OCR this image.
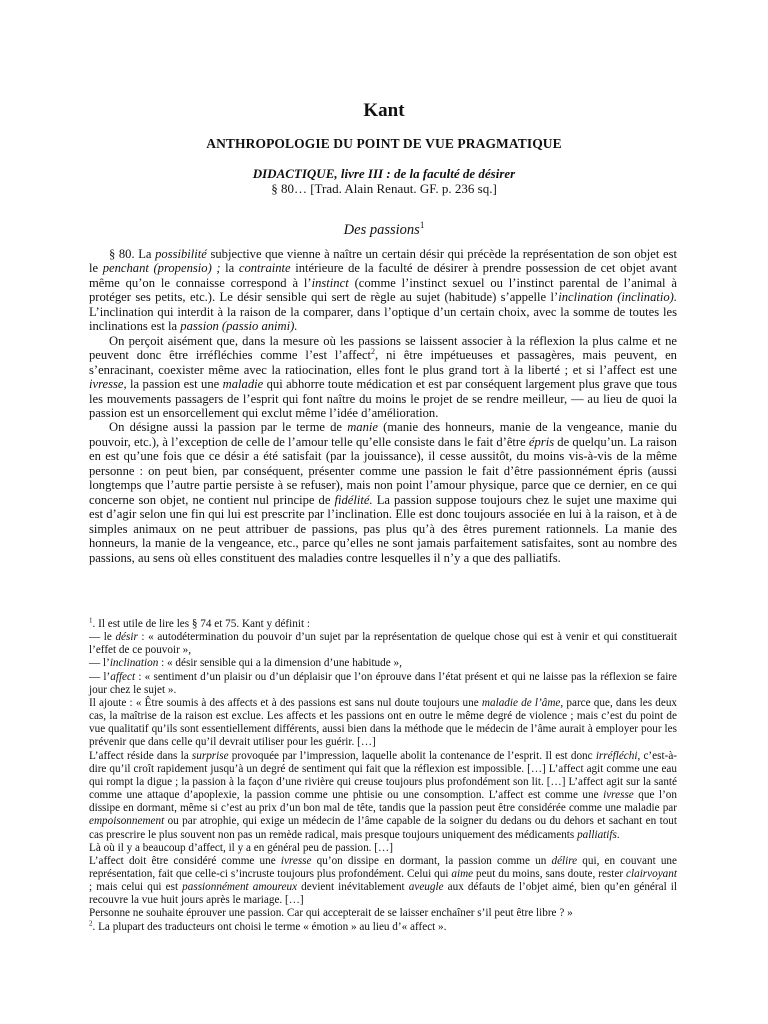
Kant
ANTHROPOLOGIE DU POINT DE VUE PRAGMATIQUE
DIDACTIQUE, livre III : de la faculté de désirer
§ 80… [Trad. Alain Renaut. GF. p. 236 sq.]
Des passions$^1$

§ 80. La possibilité subjective que vienne à naître un certain désir qui précède la représentation de son objet est le penchant (propensio) ; la contrainte intérieure de la faculté de désirer à prendre possession de cet objet avant même qu’on le connaisse correspond à l’instinct (comme l’instinct sexuel ou l’instinct parental de l’animal à protéger ses petits, etc.). Le désir sensible qui sert de règle au sujet (habitude) s’appelle l’inclination (inclinatio). L’inclination qui interdit à la raison de la comparer, dans l’optique d’un certain choix, avec la somme de toutes les inclinations est la passion (passio animi).

On perçoit aisément que, dans la mesure où les passions se laissent associer à la réflexion la plus calme et ne peuvent donc être irréfléchies comme l’est l’affect$^2$, ni être impétueuses et passagères, mais peuvent, en s’enracinant, coexister même avec la ratiocination, elles font le plus grand tort à la liberté ; et si l’affect est une ivresse, la passion est une maladie qui abhorre toute médication et est par conséquent largement plus grave que tous les mouvements passagers de l’esprit qui font naître du moins le projet de se rendre meilleur, — au lieu de quoi la passion est un ensorcellement qui exclut même l’idée d’amélioration.

On désigne aussi la passion par le terme de manie (manie des honneurs, manie de la vengeance, manie du pouvoir, etc.), à l’exception de celle de l’amour telle qu’elle consiste dans le fait d’être épris de quelqu’un. La raison en est qu’une fois que ce désir a été satisfait (par la jouissance), il cesse aussitôt, du moins vis-à-vis de la même personne : on peut bien, par conséquent, présenter comme une passion le fait d’être passionnément épris (aussi longtemps que l’autre partie persiste à se refuser), mais non point l’amour physique, parce que ce dernier, en ce qui concerne son objet, ne contient nul principe de fidélité. La passion suppose toujours chez le sujet une maxime qui est d’agir selon une fin qui lui est prescrite par l’inclination. Elle est donc toujours associée en lui à la raison, et à de simples animaux on ne peut attribuer de passions, pas plus qu’à des êtres purement rationnels. La manie des honneurs, la manie de la vengeance, etc., parce qu’elles ne sont jamais parfaitement satisfaites, sont au nombre des passions, au sens où elles constituent des maladies contre lesquelles il n’y a que des palliatifs.

$^1$. Il est utile de lire les § 74 et 75. Kant y définit :

— le désir : « autodétermination du pouvoir d’un sujet par la représentation de quelque chose qui est à venir et qui constituerait l’effet de ce pouvoir »,

— l’inclination : « désir sensible qui a la dimension d’une habitude »,

— l’affect : « sentiment d’un plaisir ou d’un déplaisir que l’on éprouve dans l’état présent et qui ne laisse pas la réflexion se faire jour chez le sujet ».

Il ajoute : « Être soumis à des affects et à des passions est sans nul doute toujours une maladie de l’âme, parce que, dans les deux cas, la maîtrise de la raison est exclue. Les affects et les passions ont en outre le même degré de violence ; mais c’est du point de vue qualitatif qu’ils sont essentiellement différents, aussi bien dans la méthode que le médecin de l’âme aurait à employer pour les prévenir que dans celle qu’il devrait utiliser pour les guérir. […]

L’affect réside dans la surprise provoquée par l’impression, laquelle abolit la contenance de l’esprit. Il est donc irréfléchi, c’est-à-dire qu’il croît rapidement jusqu’à un degré de sentiment qui fait que la réflexion est impossible. […] L’affect agit comme une eau qui rompt la digue ; la passion à la façon d’une rivière qui creuse toujours plus profondément son lit. […] L’affect agit sur la santé comme une attaque d’apoplexie, la passion comme une phtisie ou une consomption. L’affect est comme une ivresse que l’on dissipe en dormant, même si c’est au prix d’un bon mal de tête, tandis que la passion peut être considérée comme une maladie par empoisonnement ou par atrophie, qui exige un médecin de l’âme capable de la soigner du dedans ou du dehors et sachant en tout cas prescrire le plus souvent non pas un remède radical, mais presque toujours uniquement des médicaments palliatifs.

Là où il y a beaucoup d’affect, il y a en général peu de passion. […]

L’affect doit être considéré comme une ivresse qu’on dissipe en dormant, la passion comme un délire qui, en couvant une représentation, fait que celle-ci s’incruste toujours plus profondément. Celui qui aime peut du moins, sans doute, rester clairvoyant ; mais celui qui est passionnément amoureux devient inévitablement aveugle aux défauts de l’objet aimé, bien qu’en général il recouvre la vue huit jours après le mariage. […]

Personne ne souhaite éprouver une passion. Car qui accepterait de se laisser enchaîner s’il peut être libre ? »

$^2$. La plupart des traducteurs ont choisi le terme « émotion » au lieu d’« affect ».
